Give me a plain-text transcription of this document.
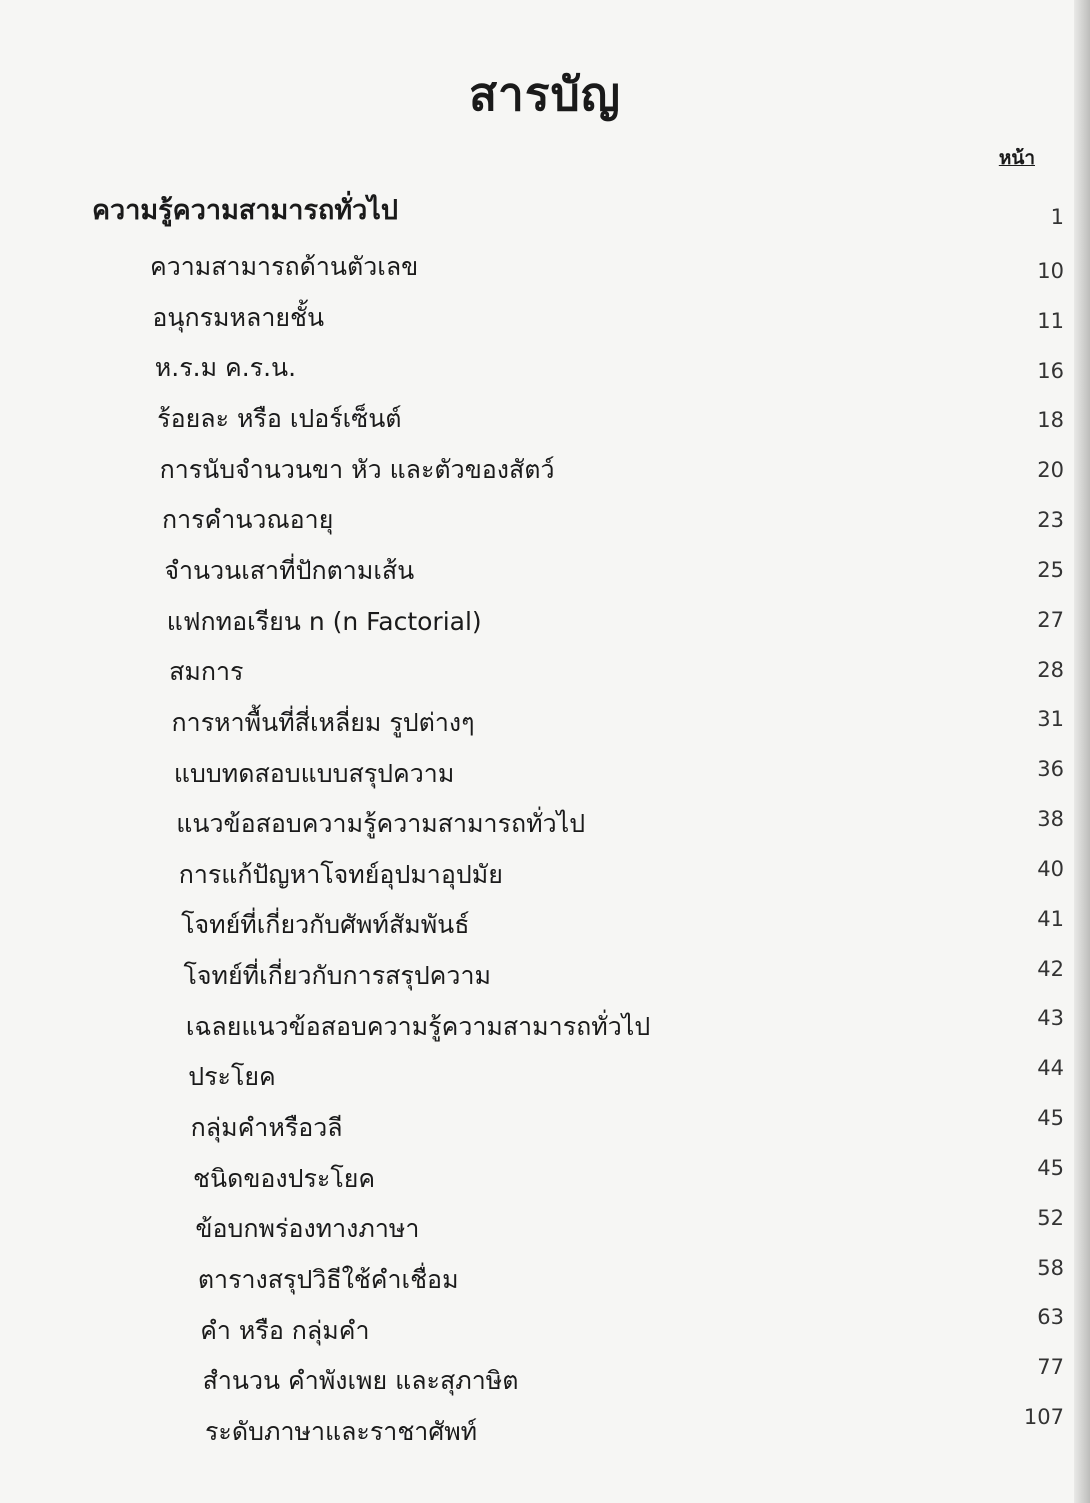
สารบัญ
หน้า
ความรู้ความสามารถทั่วไป	1
ความสามารถด้านตัวเลข	10
อนุกรมหลายชั้น	11
ห.ร.ม ค.ร.น.	16
ร้อยละ หรือ เปอร์เซ็นต์	18
การนับจำนวนขา หัว และตัวของสัตว์	20
การคำนวณอายุ	23
จำนวนเสาที่ปักตามเส้น	25
แฟกทอเรียน n (n Factorial)	27
สมการ	28
การหาพื้นที่สี่เหลี่ยม รูปต่างๆ	31
แบบทดสอบแบบสรุปความ	36
แนวข้อสอบความรู้ความสามารถทั่วไป	38
การแก้ปัญหาโจทย์อุปมาอุปมัย	40
โจทย์ที่เกี่ยวกับศัพท์สัมพันธ์	41
โจทย์ที่เกี่ยวกับการสรุปความ	42
เฉลยแนวข้อสอบความรู้ความสามารถทั่วไป	43
ประโยค	44
กลุ่มคำหรือวลี	45
ชนิดของประโยค	45
ข้อบกพร่องทางภาษา	52
ตารางสรุปวิธีใช้คำเชื่อม	58
คำ หรือ กลุ่มคำ	63
สำนวน คำพังเพย และสุภาษิต	77
ระดับภาษาและราชาศัพท์	107
